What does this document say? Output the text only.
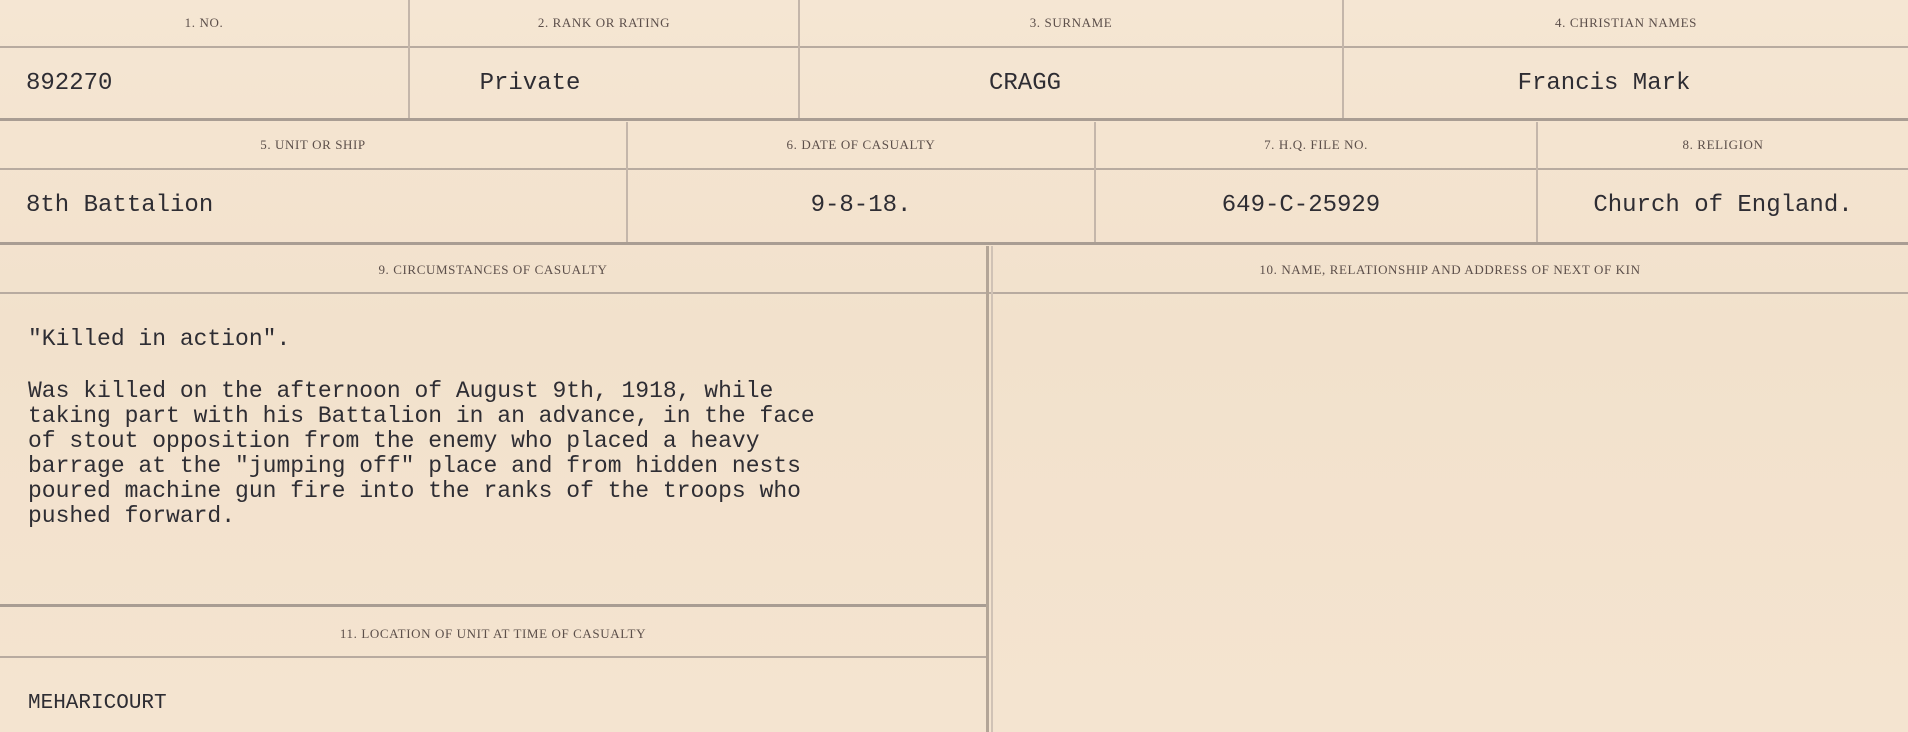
1. NO.	2. RANK OR RATING	3. SURNAME	4. CHRISTIAN NAMES
892270	Private	CRAGG	Francis Mark
5. UNIT OR SHIP	6. DATE OF CASUALTY	7. H.Q. FILE NO.	8. RELIGION
8th Battalion	9-8-18.	649-C-25929	Church of England.
9. CIRCUMSTANCES OF CASUALTY	10. NAME, RELATIONSHIP AND ADDRESS OF NEXT OF KIN
"Killed in action".
Was killed on the afternoon of August 9th, 1918, while
taking part with his Battalion in an advance, in the face
of stout opposition from the enemy who placed a heavy
barrage at the "jumping off" place and from hidden nests
poured machine gun fire into the ranks of the troops who
pushed forward.
11. LOCATION OF UNIT AT TIME OF CASUALTY
MEHARICOURT
